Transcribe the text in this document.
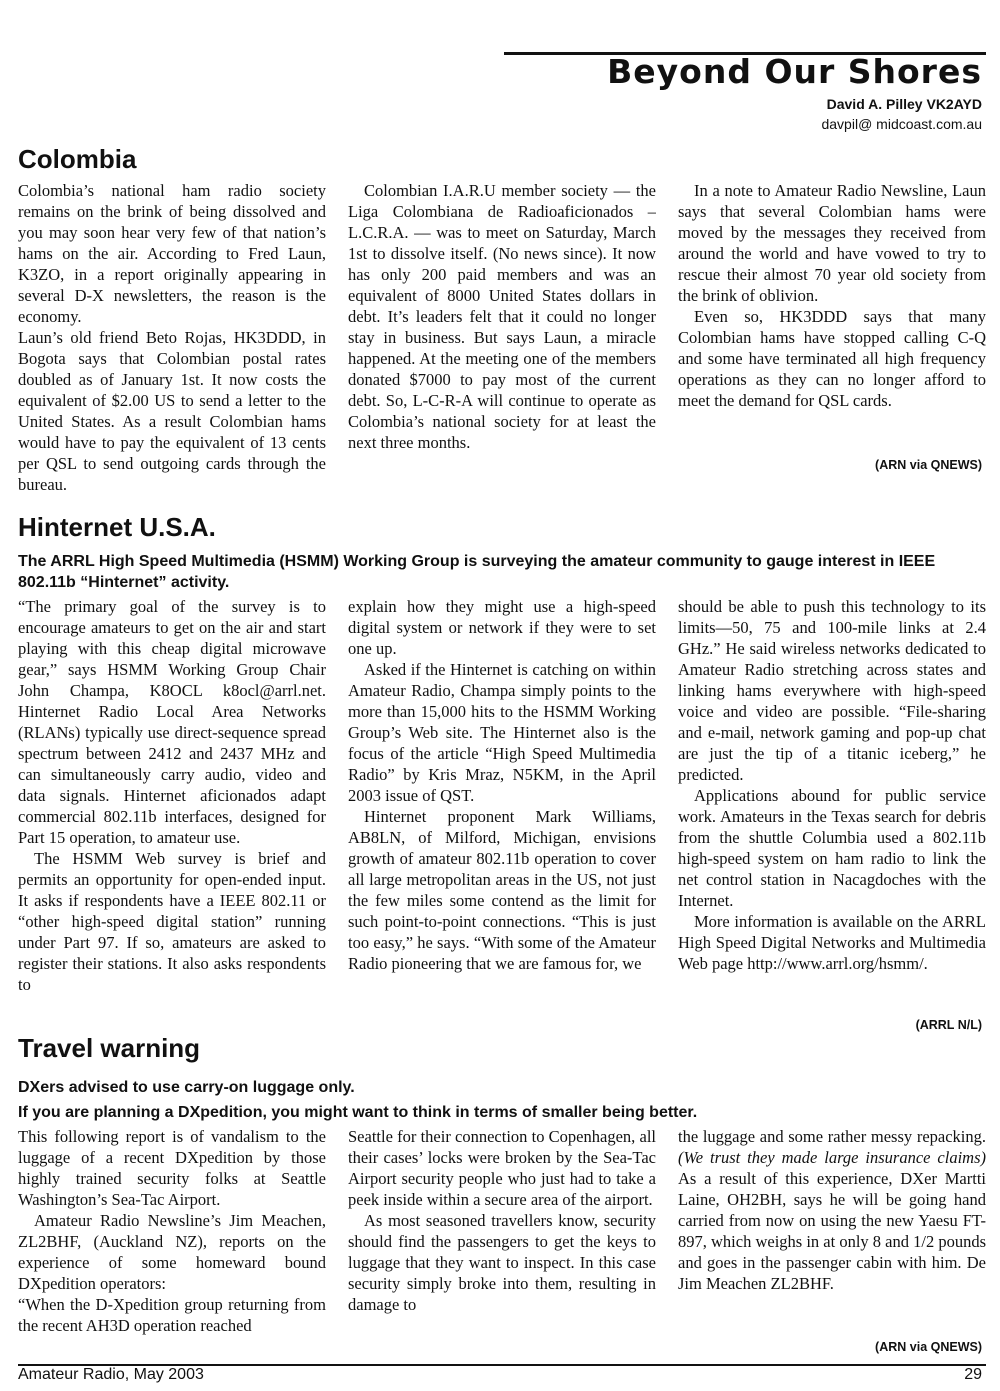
Beyond Our Shores

David A. Pilley VK2AYD

davpil@ midcoast.com.au

Colombia

Colombia’s national ham radio society remains on the brink of being dissolved and you may soon hear very few of that nation’s hams on the air. According to Fred Laun, K3ZO, in a report originally appearing in several D-X newsletters, the reason is the economy.

Laun’s old friend Beto Rojas, HK3DDD, in Bogota says that Colombian postal rates doubled as of January 1st. It now costs the equivalent of $2.00 US to send a letter to the United States. As a result Colombian hams would have to pay the equivalent of 13 cents per QSL to send outgoing cards through the bureau.

Colombian I.A.R.U member society — the Liga Colombiana de Radioaficionados – L.C.R.A. — was to meet on Saturday, March 1st to dissolve itself. (No news since). It now has only 200 paid members and was an equivalent of 8000 United States dollars in debt. It’s leaders felt that it could no longer stay in business. But says Laun, a miracle happened. At the meeting one of the members donated $7000 to pay most of the current debt. So, L-C-R-A will continue to operate as Colombia’s national society for at least the next three months.

In a note to Amateur Radio Newsline, Laun says that several Colombian hams were moved by the messages they received from around the world and have vowed to try to rescue their almost 70 year old society from the brink of oblivion.

Even so, HK3DDD says that many Colombian hams have stopped calling C-Q and some have terminated all high frequency operations as they can no longer afford to meet the demand for QSL cards.

(ARN via QNEWS)

Hinternet U.S.A.

The ARRL High Speed Multimedia (HSMM) Working Group is surveying the amateur community to gauge interest in IEEE 802.11b “Hinternet” activity.

“The primary goal of the survey is to encourage amateurs to get on the air and start playing with this cheap digital microwave gear,” says HSMM Working Group Chair John Champa, K8OCL k8ocl@arrl.net. Hinternet Radio Local Area Networks (RLANs) typically use direct-sequence spread spectrum between 2412 and 2437 MHz and can simultaneously carry audio, video and data signals. Hinternet aficionados adapt commercial 802.11b interfaces, designed for Part 15 operation, to amateur use.

The HSMM Web survey is brief and permits an opportunity for open-ended input. It asks if respondents have a IEEE 802.11 or “other high-speed digital station” running under Part 97. If so, amateurs are asked to register their stations. It also asks respondents to

explain how they might use a high-speed digital system or network if they were to set one up.

Asked if the Hinternet is catching on within Amateur Radio, Champa simply points to the more than 15,000 hits to the HSMM Working Group’s Web site. The Hinternet also is the focus of the article “High Speed Multimedia Radio” by Kris Mraz, N5KM, in the April 2003 issue of QST.

Hinternet proponent Mark Williams, AB8LN, of Milford, Michigan, envisions growth of amateur 802.11b operation to cover all large metropolitan areas in the US, not just the few miles some contend as the limit for such point-to-point connections. “This is just too easy,” he says. “With some of the Amateur Radio pioneering that we are famous for, we

should be able to push this technology to its limits—50, 75 and 100-mile links at 2.4 GHz.” He said wireless networks dedicated to Amateur Radio stretching across states and linking hams everywhere with high-speed voice and video are possible. “File-sharing and e-mail, network gaming and pop-up chat are just the tip of a titanic iceberg,” he predicted.

Applications abound for public service work. Amateurs in the Texas search for debris from the shuttle Columbia used a 802.11b high-speed system on ham radio to link the net control station in Nacagdoches with the Internet.

More information is available on the ARRL High Speed Digital Networks and Multimedia Web page http://www.arrl.org/hsmm/.

(ARRL N/L)

Travel warning

DXers advised to use carry-on luggage only.

If you are planning a DXpedition, you might want to think in terms of smaller being better.

This following report is of vandalism to the luggage of a recent DXpedition by those highly trained security folks at Seattle Washington’s Sea-Tac Airport.

Amateur Radio Newsline’s Jim Meachen, ZL2BHF, (Auckland NZ), reports on the experience of some homeward bound DXpedition operators:

“When the D-Xpedition group returning from the recent AH3D operation reached

Seattle for their connection to Copenhagen, all their cases’ locks were broken by the Sea-Tac Airport security people who just had to take a peek inside within a secure area of the airport.

As most seasoned travellers know, security should find the passengers to get the keys to luggage that they want to inspect. In this case security simply broke into them, resulting in damage to

the luggage and some rather messy repacking. (We trust they made large insurance claims) As a result of this experience, DXer Martti Laine, OH2BH, says he will be going hand carried from now on using the new Yaesu FT-897, which weighs in at only 8 and 1/2 pounds and goes in the passenger cabin with him. De Jim Meachen ZL2BHF.

(ARN via QNEWS)

Amateur Radio, May 2003	29
